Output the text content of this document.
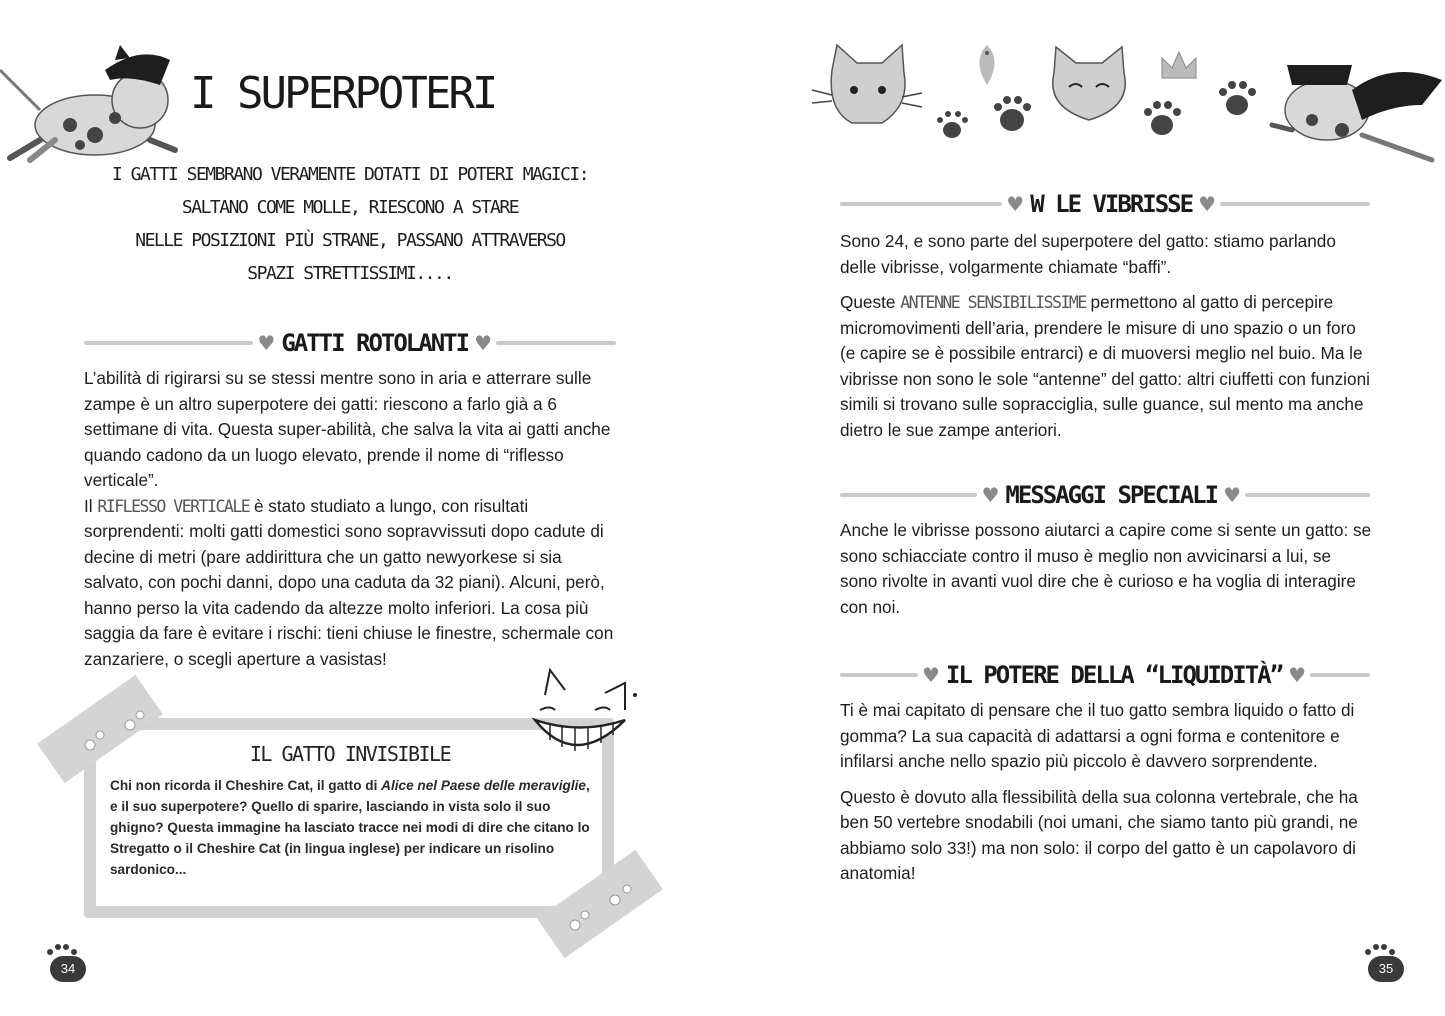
I SUPERPOTERI
I GATTI SEMBRANO VERAMENTE DOTATI DI POTERI MAGICI:
SALTANO COME MOLLE, RIESCONO A STARE
NELLE POSIZIONI PIÙ STRANE, PASSANO ATTRAVERSO
SPAZI STRETTISSIMI....
♥ GATTI ROTOLANTI ♥

L’abilità di rigirarsi su se stessi mentre sono in aria e atterrare sulle zampe è un altro superpotere dei gatti: riescono a farlo già a 6 settimane di vita. Questa super-abilità, che salva la vita ai gatti anche quando cadono da un luogo elevato, prende il nome di “riflesso verticale”.

Il RIFLESSO VERTICALE è stato studiato a lungo, con risultati sorprendenti: molti gatti domestici sono sopravvissuti dopo cadute di decine di metri (pare addirittura che un gatto newyorkese si sia salvato, con pochi danni, dopo una caduta da 32 piani). Alcuni, però, hanno perso la vita cadendo da altezze molto inferiori. La cosa più saggia da fare è evitare i rischi: tieni chiuse le finestre, schermale con zanzariere, o scegli aperture a vasistas!

IL GATTO INVISIBILE
Chi non ricorda il Cheshire Cat, il gatto di Alice nel Paese delle meraviglie, e il suo superpotere? Quello di sparire, lasciando in vista solo il suo ghigno? Questa immagine ha lasciato tracce nei modi di dire che citano lo Stregatto o il Cheshire Cat (in lingua inglese) per indicare un risolino sardonico...
34
♥ W LE VIBRISSE ♥

Sono 24, e sono parte del superpotere del gatto: stiamo parlando delle vibrisse, volgarmente chiamate “baffi”.

Queste ANTENNE SENSIBILISSIME permettono al gatto di percepire micromovimenti dell’aria, prendere le misure di uno spazio o un foro (e capire se è possibile entrarci) e di muoversi meglio nel buio. Ma le vibrisse non sono le sole “antenne” del gatto: altri ciuffetti con funzioni simili si trovano sulle sopracciglia, sulle guance, sul mento ma anche dietro le sue zampe anteriori.

♥ MESSAGGI SPECIALI ♥

Anche le vibrisse possono aiutarci a capire come si sente un gatto: se sono schiacciate contro il muso è meglio non avvicinarsi a lui, se sono rivolte in avanti vuol dire che è curioso e ha voglia di interagire con noi.

♥ IL POTERE DELLA “LIQUIDITÀ” ♥

Ti è mai capitato di pensare che il tuo gatto sembra liquido o fatto di gomma? La sua capacità di adattarsi a ogni forma e contenitore e infilarsi anche nello spazio più piccolo è davvero sorprendente.

Questo è dovuto alla flessibilità della sua colonna vertebrale, che ha ben 50 vertebre snodabili (noi umani, che siamo tanto più grandi, ne abbiamo solo 33!) ma non solo: il corpo del gatto è un capolavoro di anatomia!

35
